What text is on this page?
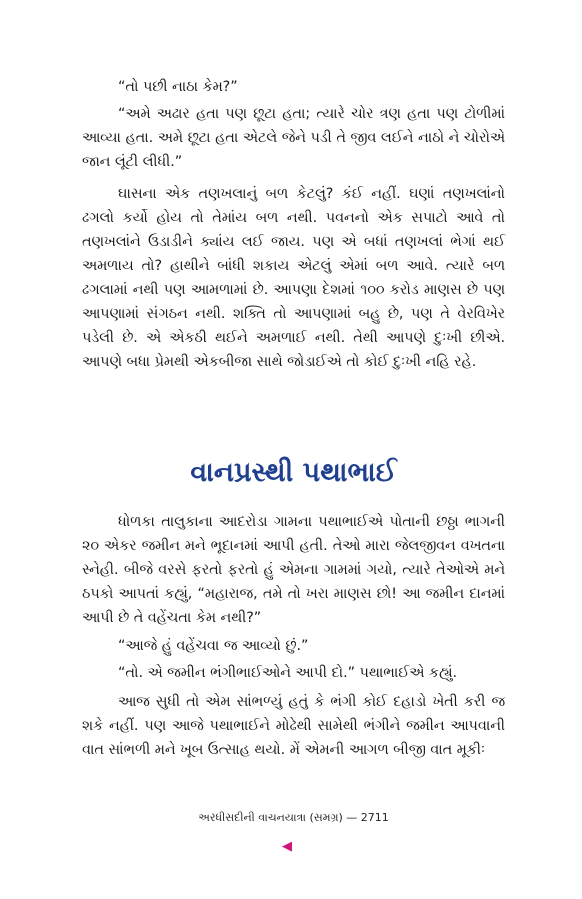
“તો પછી નાઠા કેમ?”

“અમે અઢાર હતા પણ છૂટા હતા; ત્યારે ચોર ત્રણ હતા પણ ટોળીમાં આવ્યા હતા. અમે છૂટા હતા એટલે જેને પડી તે જીવ લઈને નાઠો ને ચોરોએ જાન લૂંટી લીધી.”

ઘાસના એક તણખલાનું બળ કેટલું? કંઈ નહીં. ઘણાં તણખલાંનો ઢગલો કર્યો હોય તો તેમાંય બળ નથી. પવનનો એક સપાટો આવે તો તણખલાંને ઉડાડીને ક્યાંય લઈ જાય. પણ એ બધાં તણખલાં ભેગાં થઈ અમળાય તો? હાથીને બાંધી શકાય એટલું એમાં બળ આવે. ત્યારે બળ ઢગલામાં નથી પણ આમળામાં છે. આપણા દેશમાં ૧૦૦ કરોડ માણસ છે પણ આપણામાં સંગઠન નથી. શક્તિ તો આપણામાં બહુ છે, પણ તે વેરવિખેર પડેલી છે. એ એકઠી થઈને અમળાઈ નથી. તેથી આપણે દુઃખી છીએ. આપણે બધા પ્રેમથી એકબીજા સાથે જોડાઈએ તો કોઈ દુઃખી નહિ રહે.

વાનપ્રસ્થી પથાભાઈ

ધોળકા તાલુકાના આદરોડા ગામના પથાભાઈએ પોતાની છઠ્ઠા ભાગની ૨૦ એકર જમીન મને ભૂદાનમાં આપી હતી. તેઓ મારા જેલજીવન વખતના સ્નેહી. બીજે વરસે ફરતો ફરતો હું એમના ગામમાં ગયો, ત્યારે તેઓએ મને ઠપકો આપતાં કહ્યું, “મહારાજ, તમે તો ખરા માણસ છો! આ જમીન દાનમાં આપી છે તે વહેંચતા કેમ નથી?”

“આજે હું વહેંચવા જ આવ્યો છું.”

“તો. એ જમીન ભંગીભાઈઓને આપી દો.” પથાભાઈએ કહ્યું.

આજ સુધી તો એમ સાંભળ્યું હતું કે ભંગી કોઈ દહાડો ખેતી કરી જ શકે નહીં. પણ આજે પથાભાઈને મોઢેથી સામેથી ભંગીને જમીન આપવાની વાત સાંભળી મને ખૂબ ઉત્સાહ થયો. મેં એમની આગળ બીજી વાત મૂકીઃ

અરધીસદીની વાચનયાત્રા (સમગ્ર) — 2711
◀
